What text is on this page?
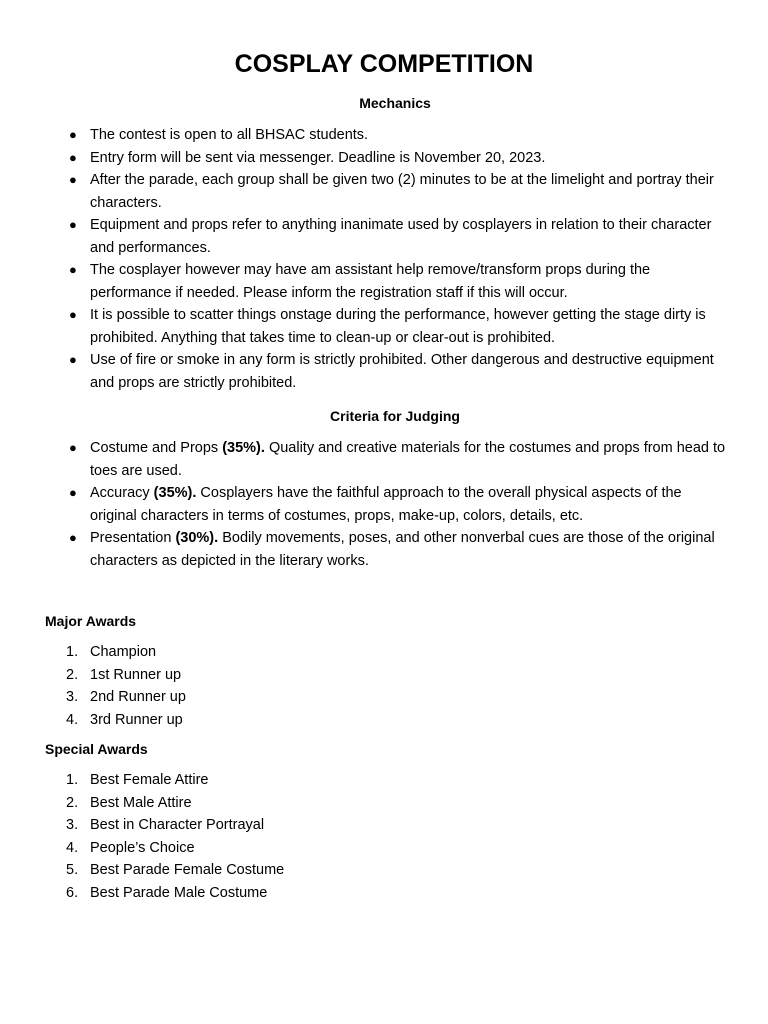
COSPLAY COMPETITION
Mechanics
● The contest is open to all BHSAC students.
● Entry form will be sent via messenger. Deadline is November 20, 2023.
● After the parade, each group shall be given two (2) minutes to be at the limelight and portray their characters.
● Equipment and props refer to anything inanimate used by cosplayers in relation to their character and performances.
● The cosplayer however may have am assistant help remove/transform props during the performance if needed. Please inform the registration staff if this will occur.
● It is possible to scatter things onstage during the performance, however getting the stage dirty is prohibited. Anything that takes time to clean-up or clear-out is prohibited.
● Use of fire or smoke in any form is strictly prohibited. Other dangerous and destructive equipment and props are strictly prohibited.
Criteria for Judging
● Costume and Props (35%). Quality and creative materials for the costumes and props from head to toes are used.
● Accuracy (35%). Cosplayers have the faithful approach to the overall physical aspects of the original characters in terms of costumes, props, make-up, colors, details, etc.
● Presentation (30%). Bodily movements, poses, and other nonverbal cues are those of the original characters as depicted in the literary works.
Major Awards
1. Champion
2. 1st Runner up
3. 2nd Runner up
4. 3rd Runner up
Special Awards
1. Best Female Attire
2. Best Male Attire
3. Best in Character Portrayal
4. People’s Choice
5. Best Parade Female Costume
6. Best Parade Male Costume
